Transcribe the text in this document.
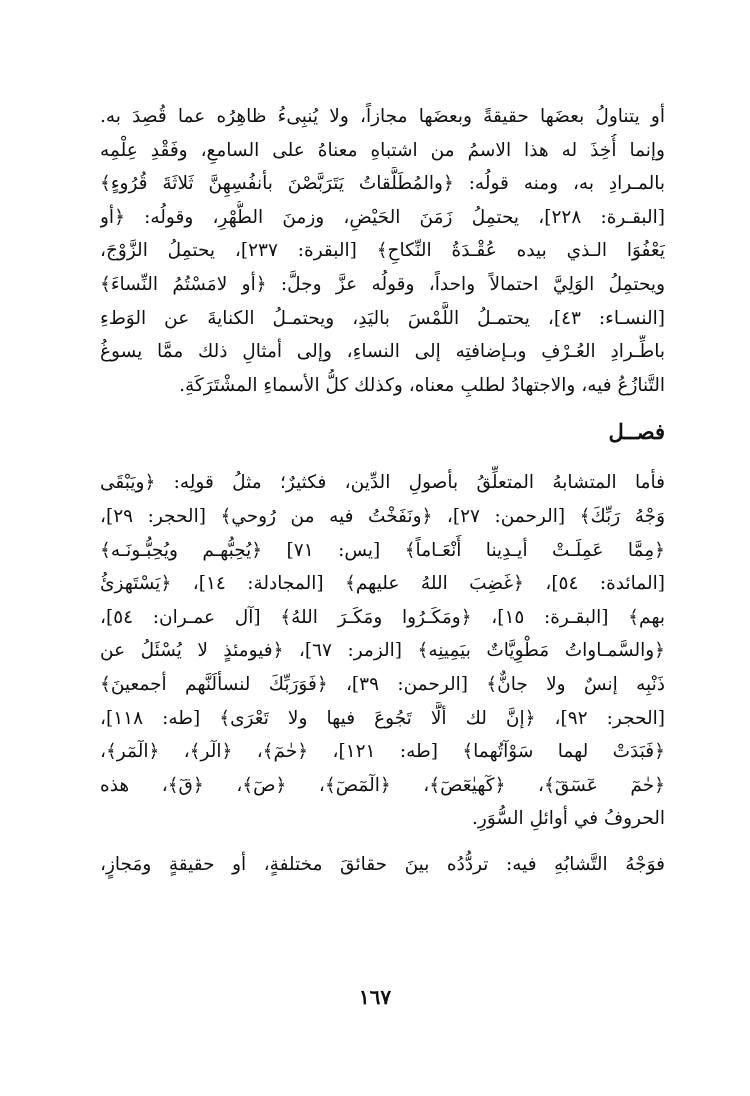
أو يتناولُ بعضَها حقيقةً وبعضَها مجازاً، ولا يُنبِىءُ ظاهِرُه عما قُصِدَ به.
وإنما أُخِذَ له هذا الاسمُ من اشتباهِ معناهُ على السامعِ، وفَقْدِ عِلْمِه
بالمـرادِ به، ومنه قولُه: ﴿والمُطَلَّقاتُ يَتَرَبَّصْنَ بأنفُسِهِنَّ ثَلاثَةَ قُرُوءٍ﴾
[البقـرة: ٢٢٨]، يحتمِلُ زَمَنَ الحَيْضِ، وزمنَ الطُّهْرِ، وقولُه: ﴿أو
يَعْفُوَا الـذي بيده عُقْـدَةُ النِّكاحِ﴾ [البقرة: ٢٣٧]، يحتمِلُ الزَّوْجَ،
ويحتمِلُ الوَلِيَّ احتمالاً واحداً، وقولُه عزَّ وجلَّ: ﴿أو لامَسْتُمُ النِّساءَ﴾
[النسـاء: ٤٣]، يحتمـلُ اللَّمْسَ باليَدِ، ويحتمـلُ الكنايةَ عن الوَطءِ
باطِّـرادِ العُـرْفِ وبـإضافتِه إلى النساءِ، وإلى أمثالِ ذلك ممَّا يسوغُ
التَّنازُعُ فيه، والاجتهادُ لطلبِ معناه، وكذلك كلُّ الأسماءِ المشْتَرَكَةِ.
فصــل
فأما المتشابهُ المتعلِّقُ بأصولِ الدِّين، فكثيرٌ؛ مثلُ قولِه: ﴿ويَبْقَى
وَجْهُ رَبِّكَ﴾ [الرحمن: ٢٧]، ﴿ونَفَخْتُ فيه من رُوحي﴾ [الحجر: ٢٩]،
﴿مِمَّا عَمِلَـتْ أيـدِينا أَنْعَـاماً﴾ [يس: ٧١] ﴿يُحِبُّهـم ويُحِبُّـونَـه﴾
[المائدة: ٥٤]، ﴿غَضِبَ اللهُ عليهم﴾ [المجادلة: ١٤]، ﴿يَسْتَهزئُ
بهم﴾ [البقـرة: ١٥]، ﴿ومَكَـرُوا ومَكَـرَ اللهُ﴾ [آل عمـران: ٥٤]،
﴿والسَّمـاواتُ مَطْوِيَّاتٌ بيَمِينِه﴾ [الزمر: ٦٧]، ﴿فيومئذٍ لا يُسْئَلُ عن
ذَنْبِه إنسٌ ولا جانٌّ﴾ [الرحمن: ٣٩]، ﴿فَوَرَبِّكَ لنسألَنَّهم أجمعينَ﴾
[الحجر: ٩٢]، ﴿إنَّ لك ألَّا تَجُوعَ فيها ولا تَعْرَى﴾ [طه: ١١٨]،
﴿فَبَدَتْ لهما سَوْآتُهما﴾ [طه: ١٢١]، ﴿حٰمٓ﴾، ﴿الٓر﴾، ﴿الٓمٓر﴾،
﴿حٰمٓ عٓسٓقٓ﴾، ﴿كٓهيٰعٓصٓ﴾، ﴿الٓمٓصٓ﴾، ﴿صٓ﴾، ﴿قٓ﴾، هذه
الحروفُ في أوائلِ السُّوَرِ.
فوَجْهُ التَّشابُهِ فيه: تردُّدُه بينَ حقائقَ مختلفةٍ، أو حقيقةٍ ومَجازٍ،
١٦٧
